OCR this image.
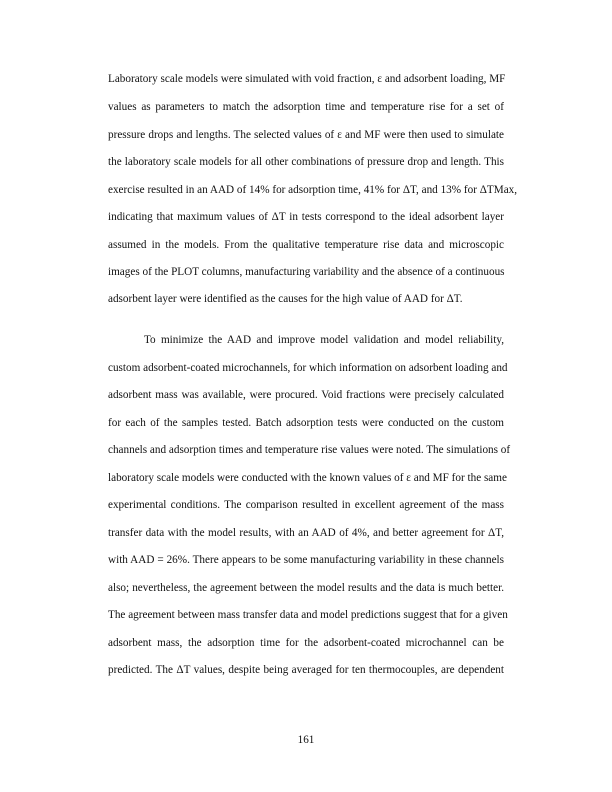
Laboratory scale models were simulated with void fraction, ε and adsorbent loading, MF
values as parameters to match the adsorption time and temperature rise for a set of
pressure drops and lengths. The selected values of ε and MF were then used to simulate
the laboratory scale models for all other combinations of pressure drop and length. This
exercise resulted in an AAD of 14% for adsorption time, 41% for ΔT, and 13% for ΔTMax,
indicating that maximum values of ΔT in tests correspond to the ideal adsorbent layer
assumed in the models. From the qualitative temperature rise data and microscopic
images of the PLOT columns, manufacturing variability and the absence of a continuous
adsorbent layer were identified as the causes for the high value of AAD for ΔT.
To minimize the AAD and improve model validation and model reliability,
custom adsorbent-coated microchannels, for which information on adsorbent loading and
adsorbent mass was available, were procured. Void fractions were precisely calculated
for each of the samples tested. Batch adsorption tests were conducted on the custom
channels and adsorption times and temperature rise values were noted. The simulations of
laboratory scale models were conducted with the known values of ε and MF for the same
experimental conditions. The comparison resulted in excellent agreement of the mass
transfer data with the model results, with an AAD of 4%, and better agreement for ΔT,
with AAD = 26%. There appears to be some manufacturing variability in these channels
also; nevertheless, the agreement between the model results and the data is much better.
The agreement between mass transfer data and model predictions suggest that for a given
adsorbent mass, the adsorption time for the adsorbent-coated microchannel can be
predicted. The ΔT values, despite being averaged for ten thermocouples, are dependent
161
